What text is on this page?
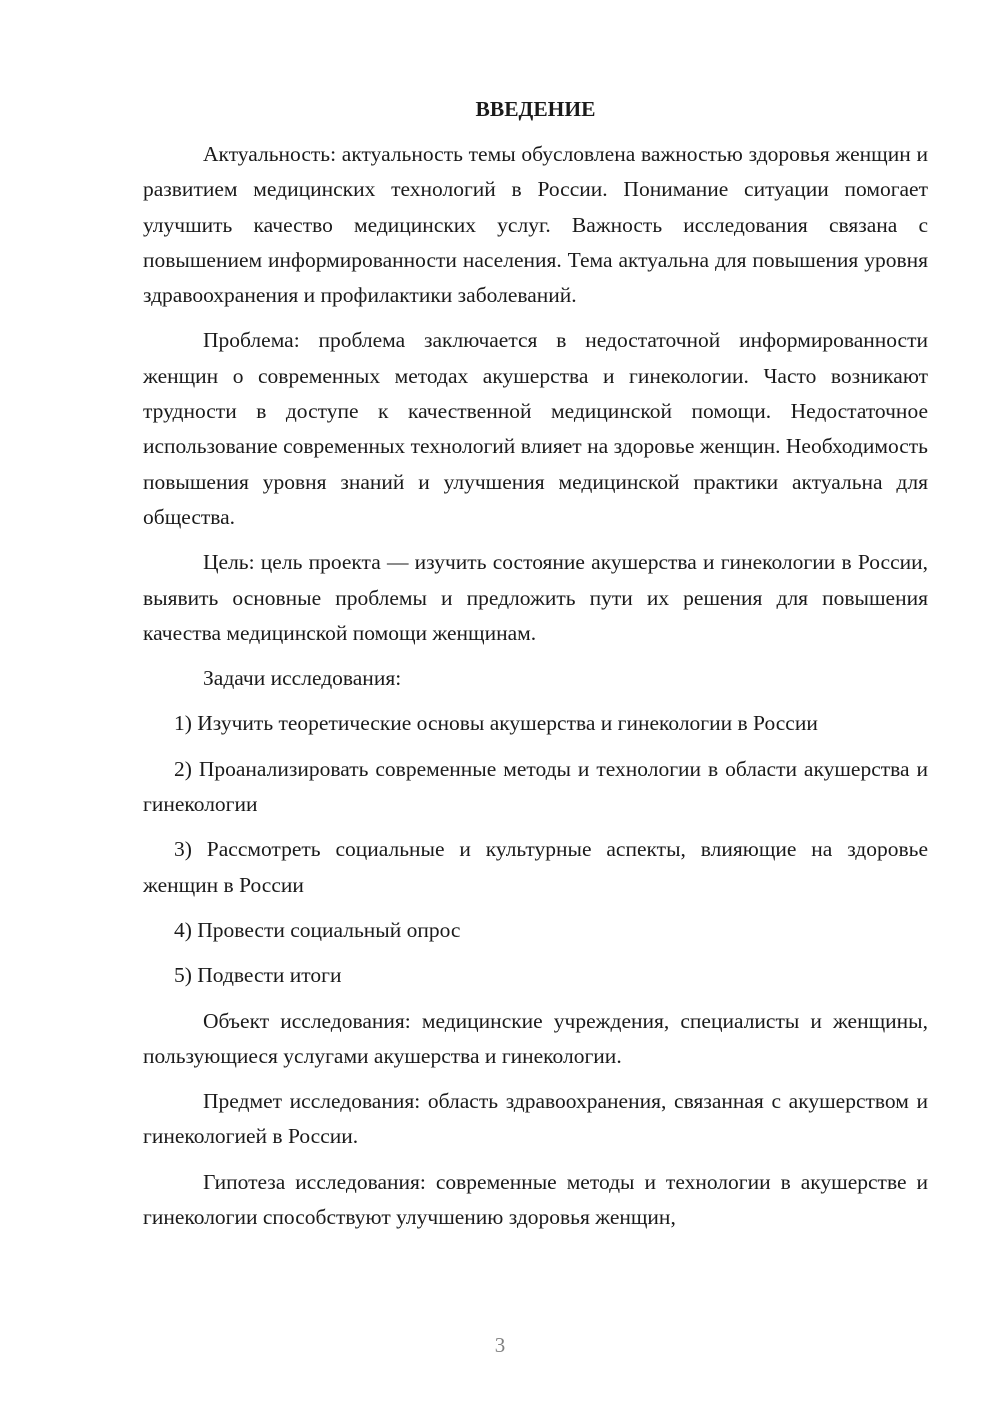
ВВЕДЕНИЕ

Актуальность: актуальность темы обусловлена важностью здоровья женщин и развитием медицинских технологий в России. Понимание ситуации помогает улучшить качество медицинских услуг. Важность исследования связана с повышением информированности населения. Тема актуальна для повышения уровня здравоохранения и профилактики заболеваний.

Проблема: проблема заключается в недостаточной информированности женщин о современных методах акушерства и гинекологии. Часто возникают трудности в доступе к качественной медицинской помощи. Недостаточное использование современных технологий влияет на здоровье женщин. Необходимость повышения уровня знаний и улучшения медицинской практики актуальна для общества.

Цель: цель проекта — изучить состояние акушерства и гинекологии в России, выявить основные проблемы и предложить пути их решения для повышения качества медицинской помощи женщинам.

Задачи исследования:

1) Изучить теоретические основы акушерства и гинекологии в России

2) Проанализировать современные методы и технологии в области акушерства и гинекологии

3) Рассмотреть социальные и культурные аспекты, влияющие на здоровье женщин в России

4) Провести социальный опрос

5) Подвести итоги

Объект исследования: медицинские учреждения, специалисты и женщины, пользующиеся услугами акушерства и гинекологии.

Предмет исследования: область здравоохранения, связанная с акушерством и гинекологией в России.

Гипотеза исследования: современные методы и технологии в акушерстве и гинекологии способствуют улучшению здоровья женщин,

3
